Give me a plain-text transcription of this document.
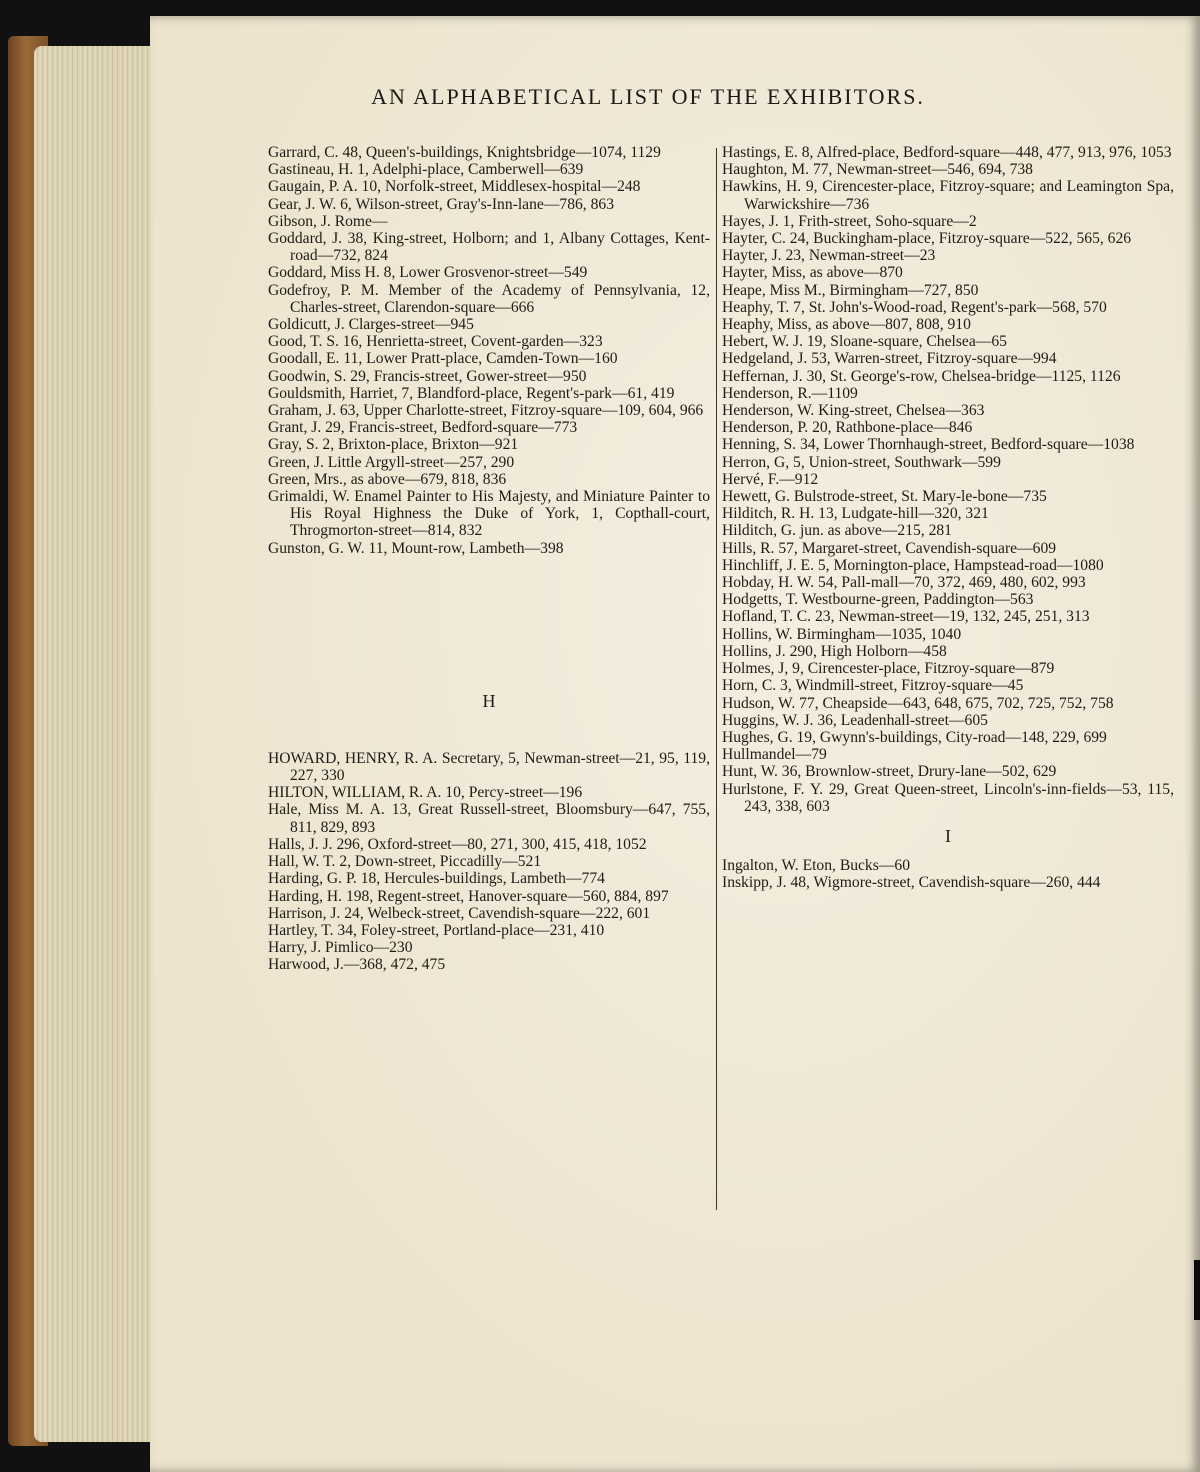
AN ALPHABETICAL LIST OF THE EXHIBITORS.
Garrard, C. 48, Queen's-buildings, Knightsbridge—1074, 1129
Gastineau, H. 1, Adelphi-place, Camberwell—639
Gaugain, P. A. 10, Norfolk-street, Middlesex-hospital—248
Gear, J. W. 6, Wilson-street, Gray's-Inn-lane—786, 863
Gibson, J. Rome—
Goddard, J. 38, King-street, Holborn; and 1, Albany Cottages, Kent-road—732, 824
Goddard, Miss H. 8, Lower Grosvenor-street—549
Godefroy, P. M. Member of the Academy of Pennsylvania, 12, Charles-street, Clarendon-square—666
Goldicutt, J. Clarges-street—945
Good, T. S. 16, Henrietta-street, Covent-garden—323
Goodall, E. 11, Lower Pratt-place, Camden-Town—160
Goodwin, S. 29, Francis-street, Gower-street—950
Gouldsmith, Harriet, 7, Blandford-place, Regent's-park—61, 419
Graham, J. 63, Upper Charlotte-street, Fitzroy-square—109, 604, 966
Grant, J. 29, Francis-street, Bedford-square—773
Gray, S. 2, Brixton-place, Brixton—921
Green, J. Little Argyll-street—257, 290
Green, Mrs., as above—679, 818, 836
Grimaldi, W. Enamel Painter to His Majesty, and Miniature Painter to His Royal Highness the Duke of York, 1, Copthall-court, Throgmorton-street—814, 832
Gunston, G. W. 11, Mount-row, Lambeth—398
H
HOWARD, HENRY, R. A. Secretary, 5, Newman-street—21, 95, 119, 227, 330
HILTON, WILLIAM, R. A. 10, Percy-street—196
Hale, Miss M. A. 13, Great Russell-street, Bloomsbury—647, 755, 811, 829, 893
Halls, J. J. 296, Oxford-street—80, 271, 300, 415, 418, 1052
Hall, W. T. 2, Down-street, Piccadilly—521
Harding, G. P. 18, Hercules-buildings, Lambeth—774
Harding, H. 198, Regent-street, Hanover-square—560, 884, 897
Harrison, J. 24, Welbeck-street, Cavendish-square—222, 601
Hartley, T. 34, Foley-street, Portland-place—231, 410
Harry, J. Pimlico—230
Harwood, J.—368, 472, 475
Hastings, E. 8, Alfred-place, Bedford-square—448, 477, 913, 976, 1053
Haughton, M. 77, Newman-street—546, 694, 738
Hawkins, H. 9, Cirencester-place, Fitzroy-square; and Leamington Spa, Warwickshire—736
Hayes, J. 1, Frith-street, Soho-square—2
Hayter, C. 24, Buckingham-place, Fitzroy-square—522, 565, 626
Hayter, J. 23, Newman-street—23
Hayter, Miss, as above—870
Heape, Miss M., Birmingham—727, 850
Heaphy, T. 7, St. John's-Wood-road, Regent's-park—568, 570
Heaphy, Miss, as above—807, 808, 910
Hebert, W. J. 19, Sloane-square, Chelsea—65
Hedgeland, J. 53, Warren-street, Fitzroy-square—994
Heffernan, J. 30, St. George's-row, Chelsea-bridge—1125, 1126
Henderson, R.—1109
Henderson, W. King-street, Chelsea—363
Henderson, P. 20, Rathbone-place—846
Henning, S. 34, Lower Thornhaugh-street, Bedford-square—1038
Herron, G, 5, Union-street, Southwark—599
Hervé, F.—912
Hewett, G. Bulstrode-street, St. Mary-le-bone—735
Hilditch, R. H. 13, Ludgate-hill—320, 321
Hilditch, G. jun. as above—215, 281
Hills, R. 57, Margaret-street, Cavendish-square—609
Hinchliff, J. E. 5, Mornington-place, Hampstead-road—1080
Hobday, H. W. 54, Pall-mall—70, 372, 469, 480, 602, 993
Hodgetts, T. Westbourne-green, Paddington—563
Hofland, T. C. 23, Newman-street—19, 132, 245, 251, 313
Hollins, W. Birmingham—1035, 1040
Hollins, J. 290, High Holborn—458
Holmes, J, 9, Cirencester-place, Fitzroy-square—879
Horn, C. 3, Windmill-street, Fitzroy-square—45
Hudson, W. 77, Cheapside—643, 648, 675, 702, 725, 752, 758
Huggins, W. J. 36, Leadenhall-street—605
Hughes, G. 19, Gwynn's-buildings, City-road—148, 229, 699
Hullmandel—79
Hunt, W. 36, Brownlow-street, Drury-lane—502, 629
Hurlstone, F. Y. 29, Great Queen-street, Lincoln's-inn-fields—53, 115, 243, 338, 603
I
Ingalton, W. Eton, Bucks—60
Inskipp, J. 48, Wigmore-street, Cavendish-square—260, 444
